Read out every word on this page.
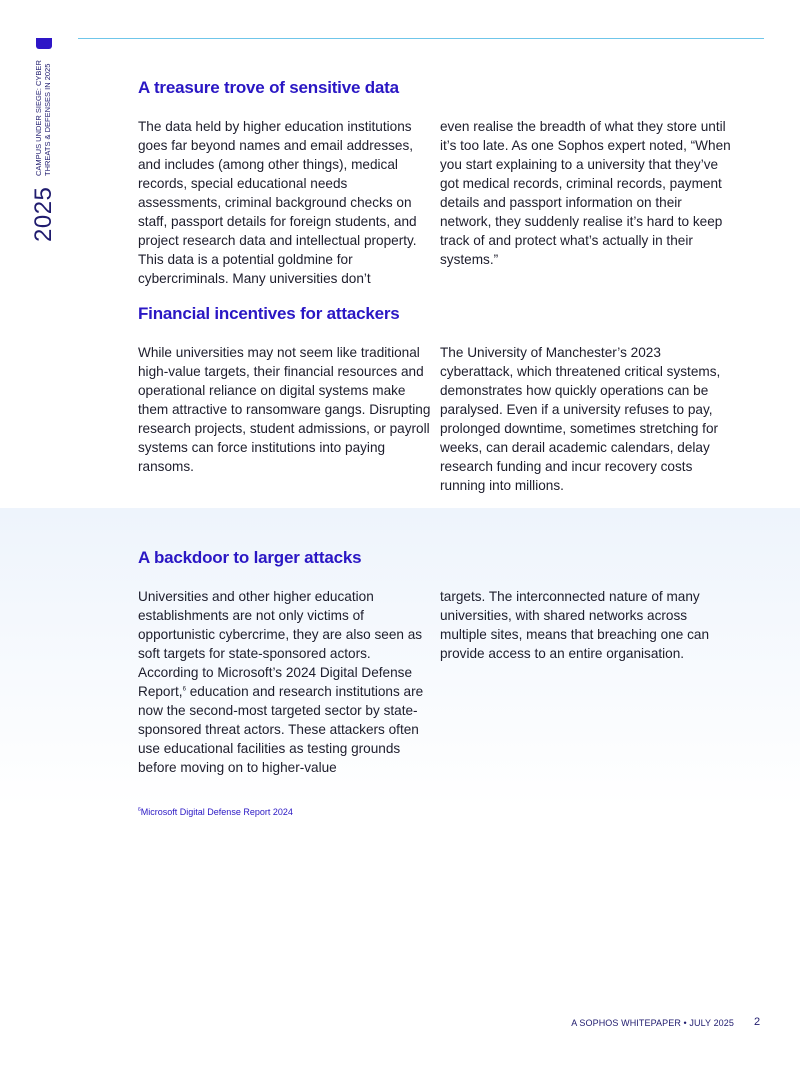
2025
CAMPUS UNDER SIEGE: CYBER THREATS & DEFENSES IN 2025	A treasure trove of sensitive data

The data held by higher education institutions goes far beyond names and email addresses, and includes (among other things), medical records, special educational needs assessments, criminal background checks on staff, passport details for foreign students, and project research data and intellectual property. This data is a potential goldmine for cybercriminals. Many universities don’t

even realise the breadth of what they store until it’s too late. As one Sophos expert noted, “When you start explaining to a university that they’ve got medical records, criminal records, payment details and passport information on their network, they suddenly realise it’s hard to keep track of and protect what’s actually in their systems.”

Financial incentives for attackers

While universities may not seem like traditional high-value targets, their financial resources and operational reliance on digital systems make them attractive to ransomware gangs. Disrupting research projects, student admissions, or payroll systems can force institutions into paying ransoms.

The University of Manchester’s 2023 cyberattack, which threatened critical systems, demonstrates how quickly operations can be paralysed. Even if a university refuses to pay, prolonged downtime, sometimes stretching for weeks, can derail academic calendars, delay research funding and incur recovery costs running into millions.

A backdoor to larger attacks

Universities and other higher education establishments are not only victims of opportunistic cybercrime, they are also seen as soft targets for state-sponsored actors. According to Microsoft’s 2024 Digital Defense Report,$^6$ education and research institutions are now the second-most targeted sector by state-sponsored threat actors. These attackers often use educational facilities as testing grounds before moving on to higher-value

targets. The interconnected nature of many universities, with shared networks across multiple sites, means that breaching one can provide access to an entire organisation.

$^6$Microsoft Digital Defense Report 2024
A SOPHOS WHITEPAPER • JULY 2025 2
